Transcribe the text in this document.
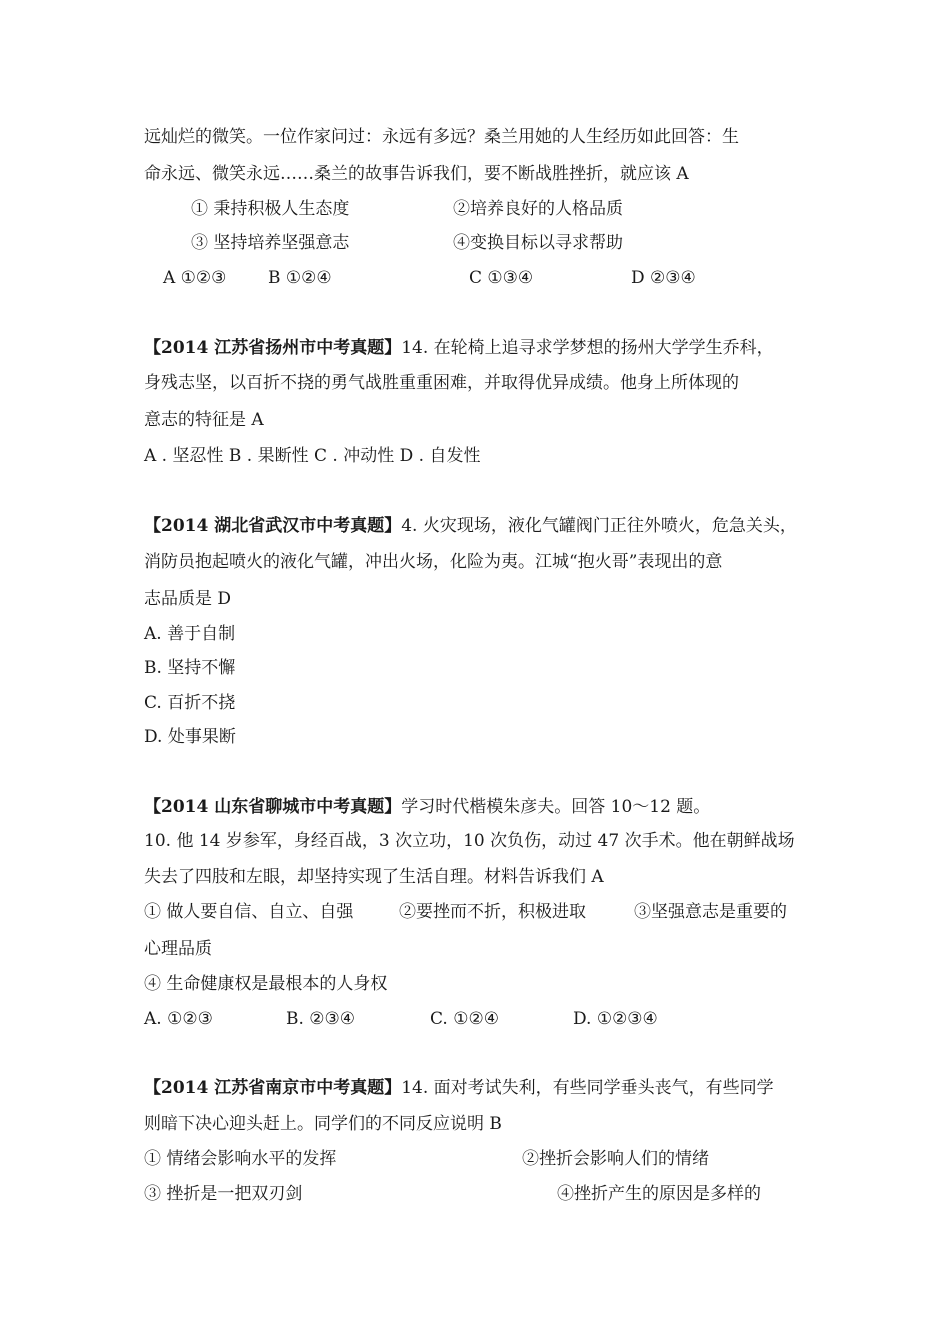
远灿烂的微笑。一位作家问过：永远有多远？桑兰用她的人生经历如此回答：生
命永远、微笑永远……桑兰的故事告诉我们，要不断战胜挫折，就应该 A
① 秉持积极人生态度	②培养良好的人格品质
③ 坚持培养坚强意志	④变换目标以寻求帮助
A ①②③ B ①②④	C ①③④	D ②③④
【2014 江苏省扬州市中考真题】14. 在轮椅上追寻求学梦想的扬州大学学生乔科，
身残志坚，以百折不挠的勇气战胜重重困难，并取得优异成绩。他身上所体现的
意志的特征是 A
A . 坚忍性 B . 果断性 C . 冲动性 D . 自发性
【2014 湖北省武汉市中考真题】4. 火灾现场，液化气罐阀门正往外喷火，危急关头，
消防员抱起喷火的液化气罐，冲出火场，化险为夷。江城“抱火哥”表现出的意
志品质是 D
A. 善于自制
B. 坚持不懈
C. 百折不挠
D. 处事果断
【2014 山东省聊城市中考真题】学习时代楷模朱彦夫。回答 10～12 题。
10. 他 14 岁参军，身经百战，3 次立功，10 次负伤，动过 47 次手术。他在朝鲜战场
失去了四肢和左眼，却坚持实现了生活自理。材料告诉我们 A
① 做人要自信、自立、自强	②要挫而不折，积极进取	③坚强意志是重要的
心理品质
④ 生命健康权是最根本的人身权
A. ①②③	B. ②③④	C. ①②④	D. ①②③④
【2014 江苏省南京市中考真题】14. 面对考试失利，有些同学垂头丧气，有些同学
则暗下决心迎头赶上。同学们的不同反应说明 B
① 情绪会影响水平的发挥	②挫折会影响人们的情绪
③ 挫折是一把双刃剑	④挫折产生的原因是多样的
